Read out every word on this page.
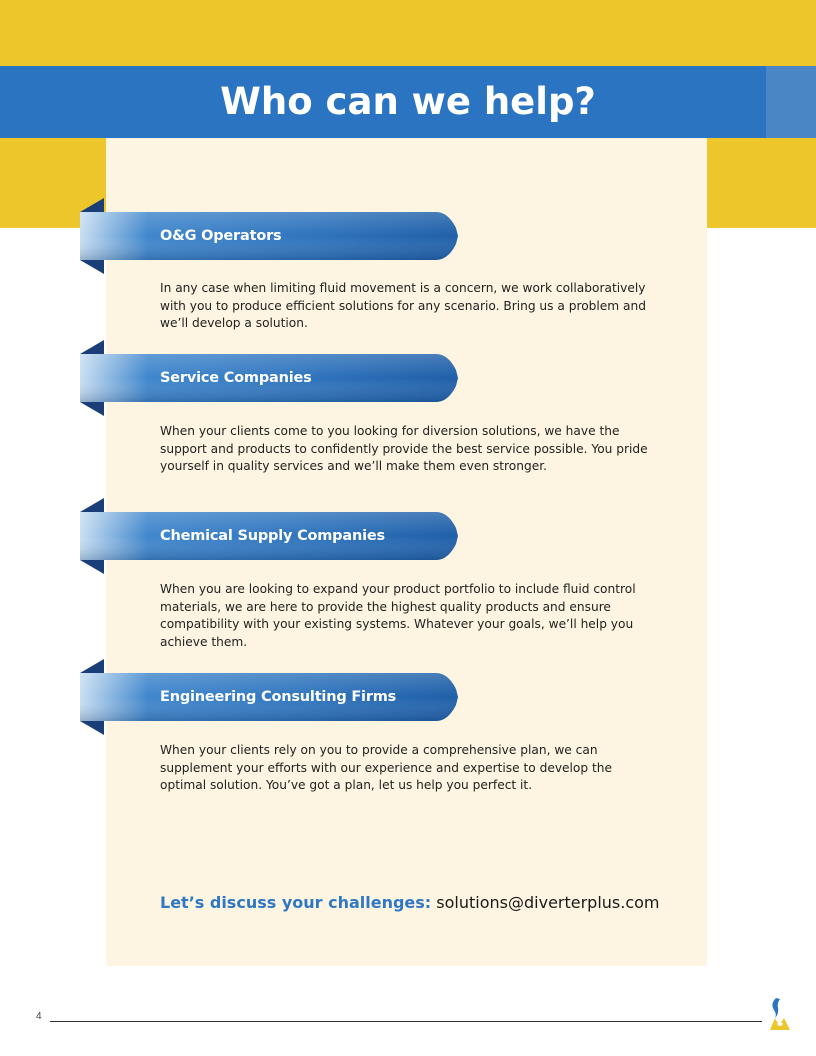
Who can we help?
O&G Operators

In any case when limiting fluid movement is a concern, we work collaboratively with you to produce efficient solutions for any scenario. Bring us a problem and we’ll develop a solution.

Service Companies

When your clients come to you looking for diversion solutions, we have the support and products to confidently provide the best service possible. You pride yourself in quality services and we’ll make them even stronger.

Chemical Supply Companies

When you are looking to expand your product portfolio to include fluid control materials, we are here to provide the highest quality products and ensure compatibility with your existing systems. Whatever your goals, we’ll help you achieve them.

Engineering Consulting Firms

When your clients rely on you to provide a comprehensive plan, we can supplement your efforts with our experience and expertise to develop the optimal solution. You’ve got a plan, let us help you perfect it.

Let’s discuss your challenges: solutions@diverterplus.com
4
